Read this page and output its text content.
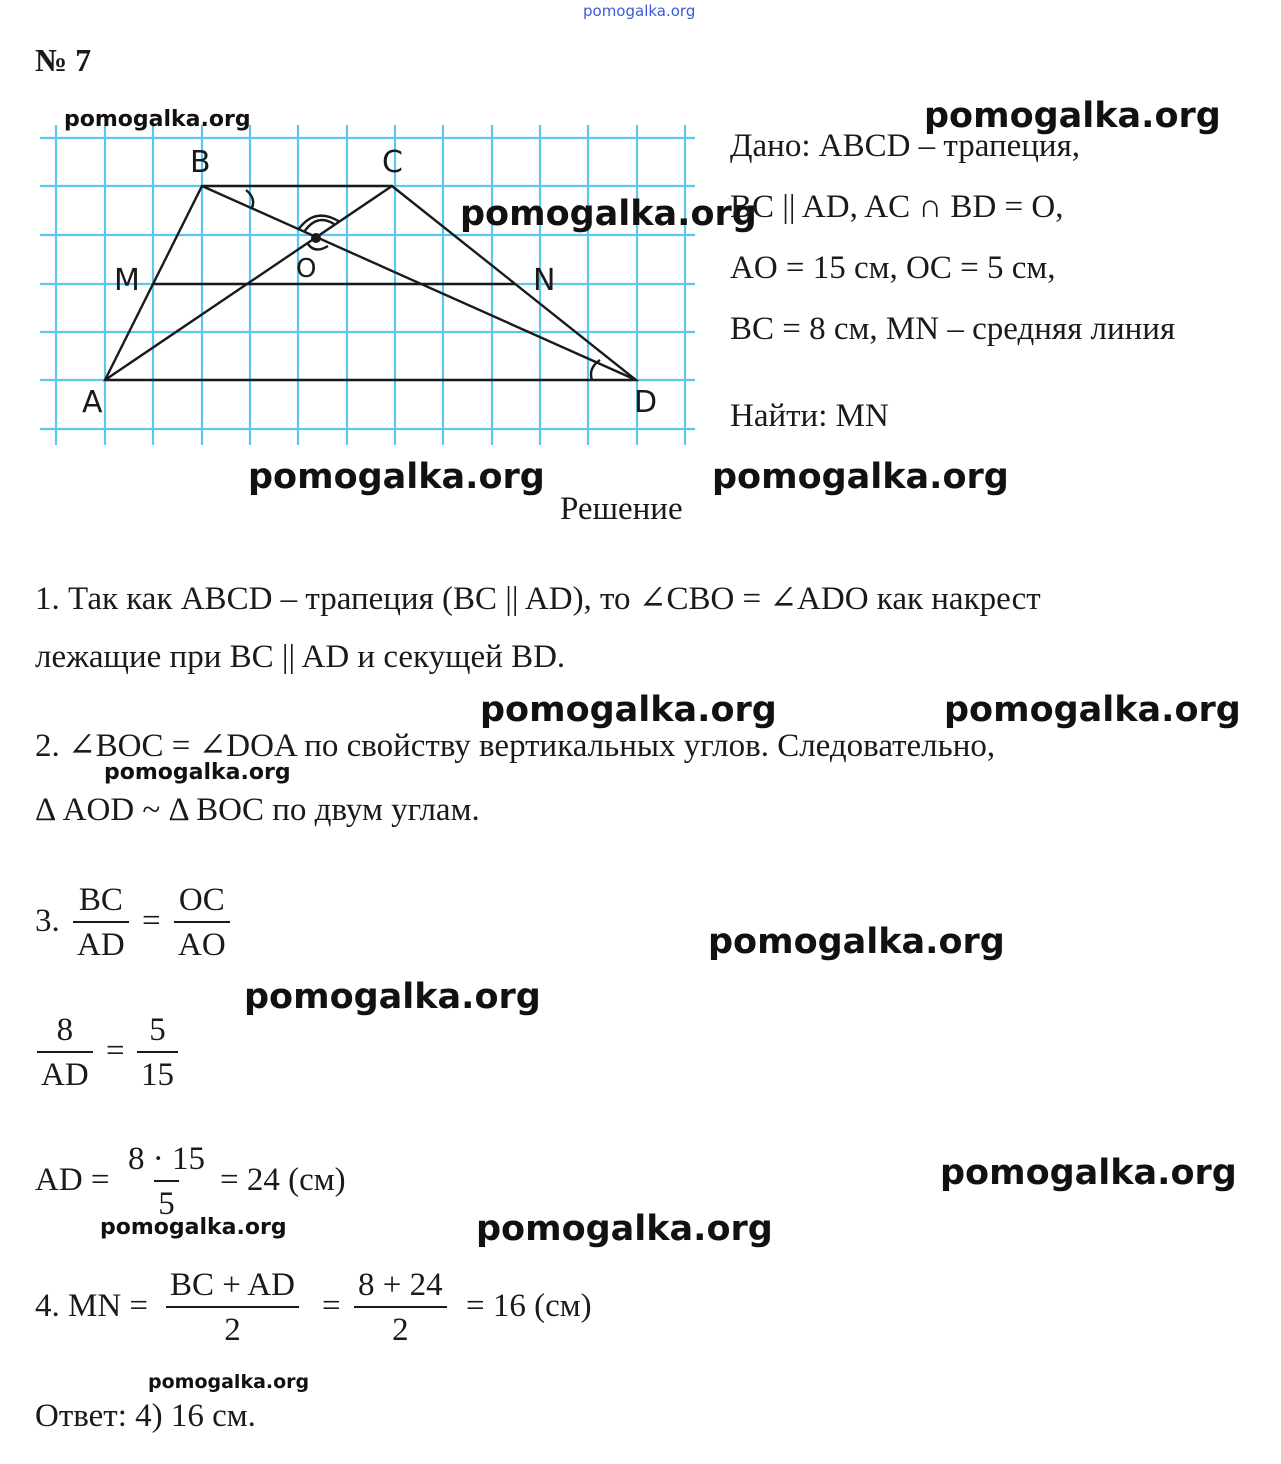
pomogalka.org
№ 7
B	C
M	N
O
A	D
pomogalka.org	pomogalka.org
pomogalka.org
Дано: ABCD – трапеция,
BC || AD, AC ∩ BD = O,
AO = 15 см, OC = 5 см,
BC = 8 см, MN – средняя линия
Найти: MN
pomogalka.org	pomogalka.org
Решение
1. Так как ABCD – трапеция (BC || AD), то ∠CBO = ∠ADO как накрест
лежащие при BC || AD и секущей BD.
pomogalka.org	pomogalka.org
2. ∠BOC = ∠DOA по свойству вертикальных углов. Следовательно,
pomogalka.org
Δ AOD ~ Δ BOC по двум углам.
3. $\frac{BC}{AD} = \frac{OC}{AO}$	pomogalka.org
pomogalka.org
$\frac{8}{AD} = \frac{5}{15}$
AD = $\frac{8 \cdot 15}{5} = 24$ (см)	pomogalka.org
pomogalka.org	pomogalka.org
4. MN = $\frac{BC + AD}{2} = \frac{8 + 24}{2} = 16$ (см)
pomogalka.org
Ответ: 4) 16 см.
